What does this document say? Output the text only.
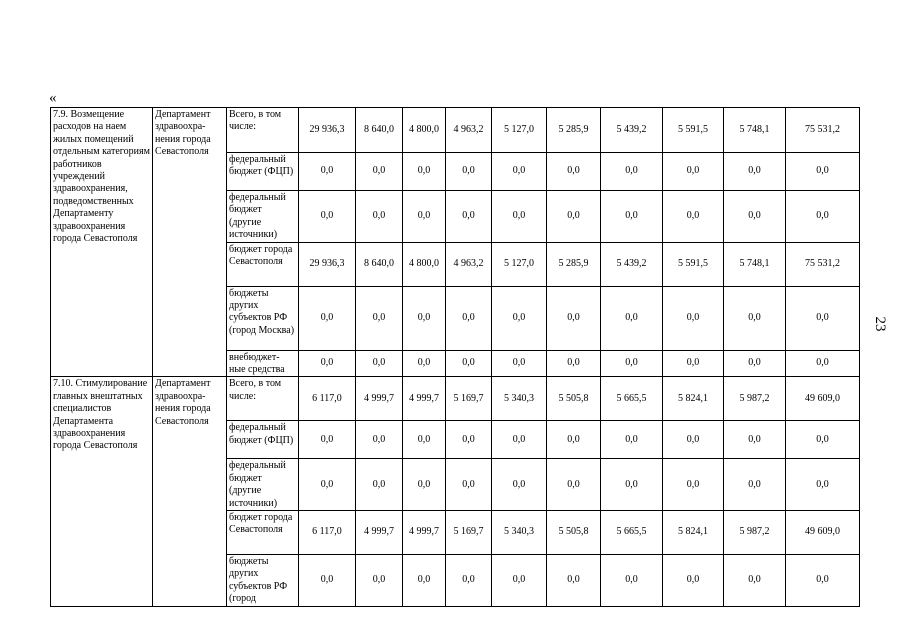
«
7.9. Возмещение расходов на наем жилых помещений отдельным категориям работников учреждений здравоохранения, подведомственных Департаменту здравоохранения города Севастополя	Департамент здравоохра-нения города Севастополя	Всего, в том числе:	29 936,3	8 640,0	4 800,0	4 963,2	5 127,0	5 285,9	5 439,2	5 591,5	5 748,1	75 531,2
		федеральный бюджет (ФЦП)	0,0	0,0	0,0	0,0	0,0	0,0	0,0	0,0	0,0	0,0
		федеральный бюджет (другие источники)	0,0	0,0	0,0	0,0	0,0	0,0	0,0	0,0	0,0	0,0
		бюджет города Севастополя	29 936,3	8 640,0	4 800,0	4 963,2	5 127,0	5 285,9	5 439,2	5 591,5	5 748,1	75 531,2
		бюджеты других субъектов РФ (город Москва)	0,0	0,0	0,0	0,0	0,0	0,0	0,0	0,0	0,0	0,0
		внебюджет-ные средства	0,0	0,0	0,0	0,0	0,0	0,0	0,0	0,0	0,0	0,0
7.10. Стимулирование главных внештатных специалистов Департамента здравоохранения города Севастополя	Департамент здравоохра-нения города Севастополя	Всего, в том числе:	6 117,0	4 999,7	4 999,7	5 169,7	5 340,3	5 505,8	5 665,5	5 824,1	5 987,2	49 609,0
		федеральный бюджет (ФЦП)	0,0	0,0	0,0	0,0	0,0	0,0	0,0	0,0	0,0	0,0
		федеральный бюджет (другие источники)	0,0	0,0	0,0	0,0	0,0	0,0	0,0	0,0	0,0	0,0
		бюджет города Севастополя	6 117,0	4 999,7	4 999,7	5 169,7	5 340,3	5 505,8	5 665,5	5 824,1	5 987,2	49 609,0
		бюджеты других субъектов РФ (город	0,0	0,0	0,0	0,0	0,0	0,0	0,0	0,0	0,0	0,0
23
